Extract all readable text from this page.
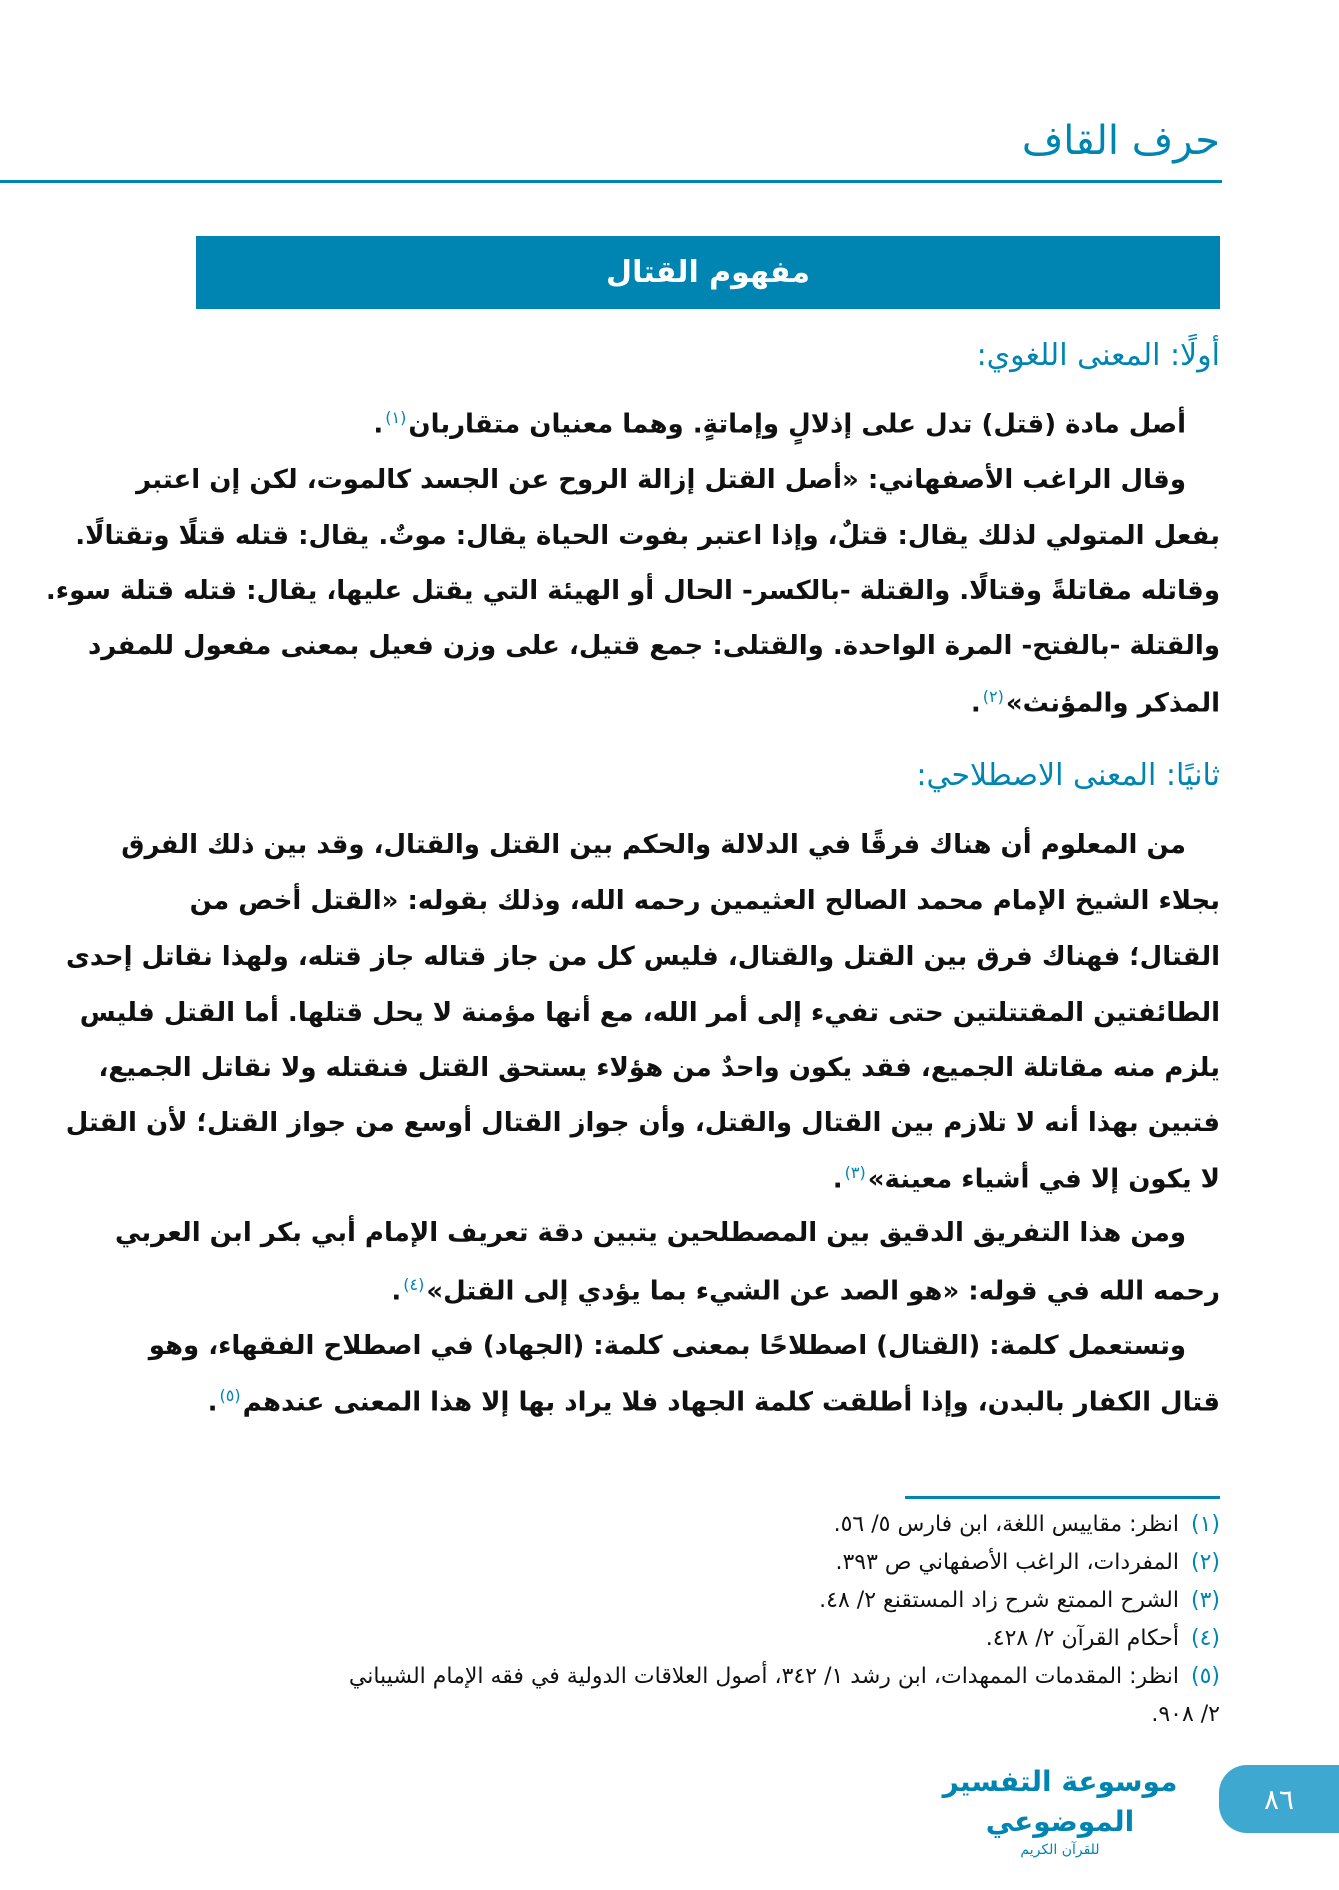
حرف القاف
مفهوم القتال
أولًا: المعنى اللغوي:
أصل مادة (قتل) تدل على إذلالٍ وإماتةٍ. وهما معنيان متقاربان$^{(١)}$.
وقال الراغب الأصفهاني: «أصل القتل إزالة الروح عن الجسد كالموت، لكن إن اعتبر
بفعل المتولي لذلك يقال: قتلٌ، وإذا اعتبر بفوت الحياة يقال: موتٌ. يقال: قتله قتلًا وتقتالًا.
وقاتله مقاتلةً وقتالًا. والقتلة -بالكسر- الحال أو الهيئة التي يقتل عليها، يقال: قتله قتلة سوء.
والقتلة -بالفتح- المرة الواحدة. والقتلى: جمع قتيل، على وزن فعيل بمعنى مفعول للمفرد
المذكر والمؤنث»$^{(٢)}$.
ثانيًا: المعنى الاصطلاحي:
من المعلوم أن هناك فرقًا في الدلالة والحكم بين القتل والقتال، وقد بين ذلك الفرق
بجلاء الشيخ الإمام محمد الصالح العثيمين رحمه الله، وذلك بقوله: «القتل أخص من
القتال؛ فهناك فرق بين القتل والقتال، فليس كل من جاز قتاله جاز قتله، ولهذا نقاتل إحدى
الطائفتين المقتتلتين حتى تفيء إلى أمر الله، مع أنها مؤمنة لا يحل قتلها. أما القتل فليس
يلزم منه مقاتلة الجميع، فقد يكون واحدٌ من هؤلاء يستحق القتل فنقتله ولا نقاتل الجميع،
فتبين بهذا أنه لا تلازم بين القتال والقتل، وأن جواز القتال أوسع من جواز القتل؛ لأن القتل
لا يكون إلا في أشياء معينة»$^{(٣)}$.
ومن هذا التفريق الدقيق بين المصطلحين يتبين دقة تعريف الإمام أبي بكر ابن العربي
رحمه الله في قوله: «هو الصد عن الشيء بما يؤدي إلى القتل»$^{(٤)}$.
وتستعمل كلمة: (القتال) اصطلاحًا بمعنى كلمة: (الجهاد) في اصطلاح الفقهاء، وهو
قتال الكفار بالبدن، وإذا أطلقت كلمة الجهاد فلا يراد بها إلا هذا المعنى عندهم$^{(٥)}$.
(١)انظر: مقاييس اللغة، ابن فارس ٥/ ٥٦.
(٢)المفردات، الراغب الأصفهاني ص ٣٩٣.
(٣)الشرح الممتع شرح زاد المستقنع ٢/ ٤٨.
(٤)أحكام القرآن ٢/ ٤٢٨.
(٥)انظر: المقدمات الممهدات، ابن رشد ١/ ٣٤٢، أصول العلاقات الدولية في فقه الإمام الشيباني
٢/ ٩٠٨.
موسوعة التفسير الموضوعي
للقرآن الكريم
٨٦
